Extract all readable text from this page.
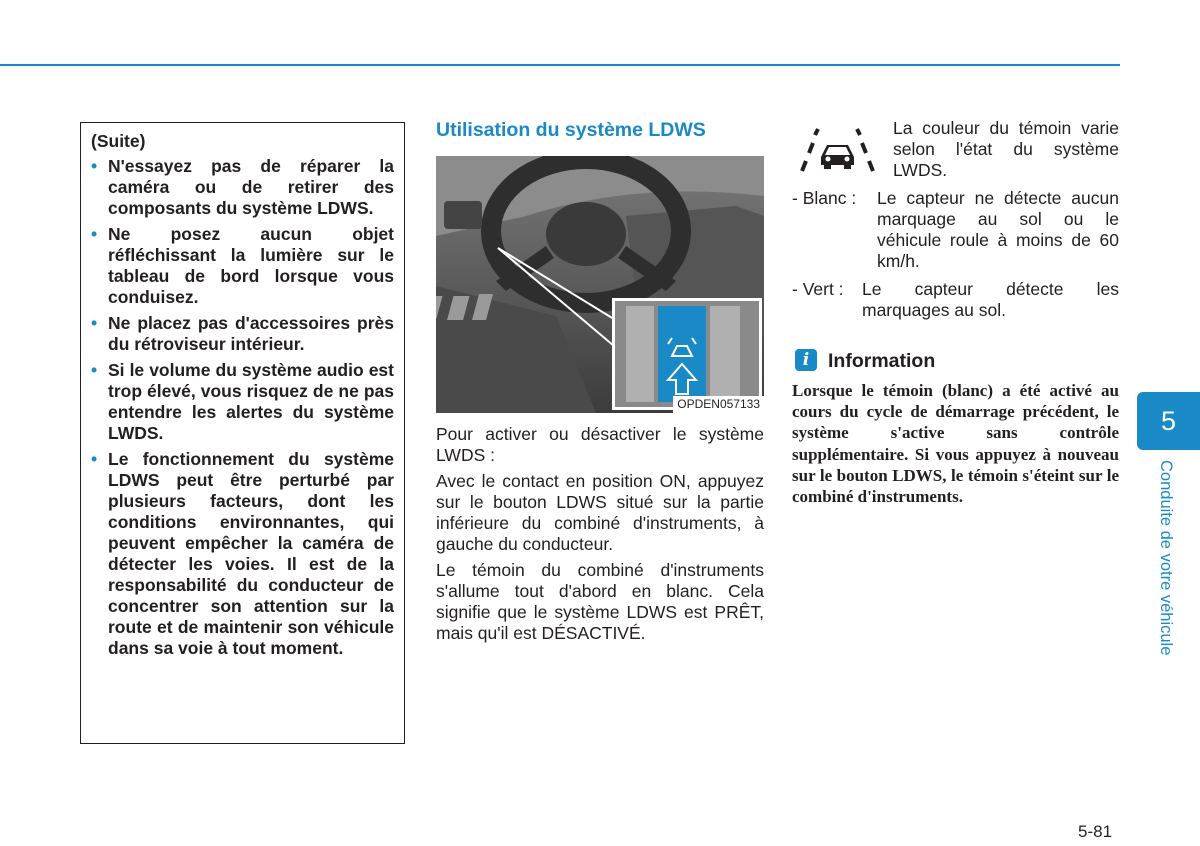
(Suite)
• N'essayez pas de réparer la caméra ou de retirer des composants du système LDWS.
• Ne posez aucun objet réfléchissant la lumière sur le tableau de bord lorsque vous conduisez.
• Ne placez pas d'accessoires près du rétroviseur intérieur.
• Si le volume du système audio est trop élevé, vous risquez de ne pas entendre les alertes du système LWDS.
• Le fonctionnement du système LDWS peut être perturbé par plusieurs facteurs, dont les conditions environnantes, qui peuvent empêcher la caméra de détecter les voies. Il est de la responsabilité du conducteur de concentrer son attention sur la route et de maintenir son véhicule dans sa voie à tout moment.
Utilisation du système LDWS
OPDEN057133

Pour activer ou désactiver le système LWDS :

Avec le contact en position ON, appuyez sur le bouton LDWS situé sur la partie inférieure du combiné d'instruments, à gauche du conducteur.

Le témoin du combiné d'instruments s'allume tout d'abord en blanc. Cela signifie que le système LDWS est PRÊT, mais qu'il est DÉSACTIVÉ.

La couleur du témoin varie selon l'état du système LWDS.
- Blanc :	Le capteur ne détecte aucun marquage au sol ou le véhicule roule à moins de 60 km/h.
- Vert :	Le capteur détecte les marquages au sol.
i Information
Lorsque le témoin (blanc) a été activé au cours du cycle de démarrage précédent, le système s'active sans contrôle supplémentaire. Si vous appuyez à nouveau sur le bouton LDWS, le témoin s'éteint sur le combiné d'instruments.
5
Conduite de votre véhicule
5-81
